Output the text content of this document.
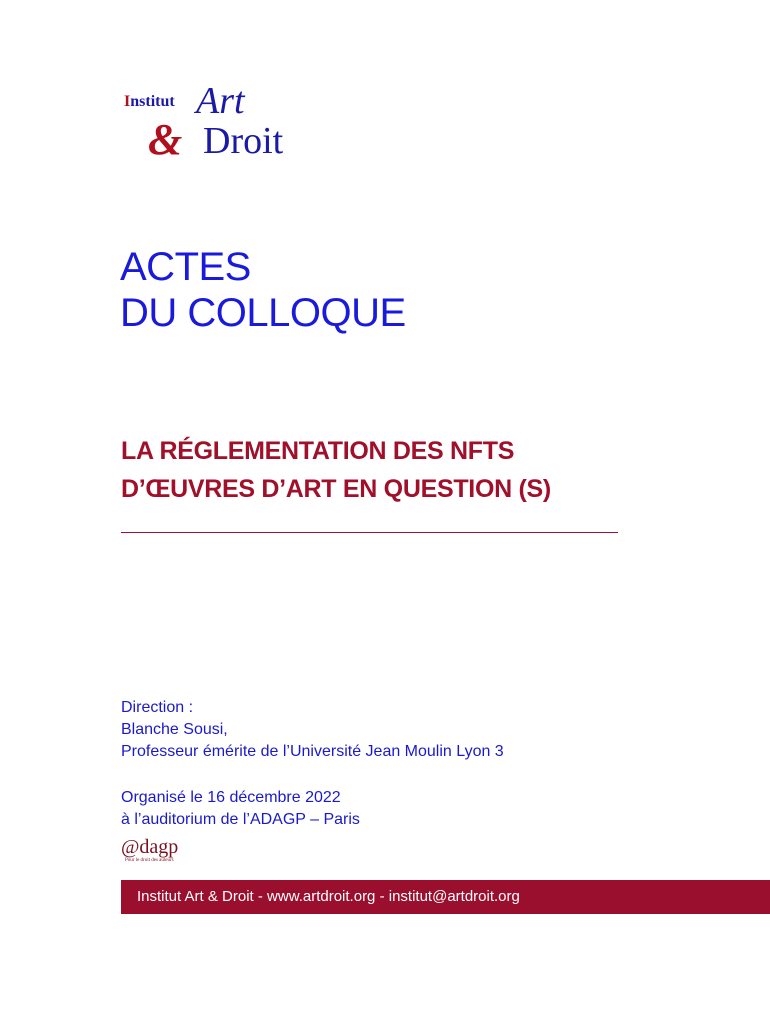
Institut Art
& Droit
ACTES
DU COLLOQUE
LA RÉGLEMENTATION DES NFTS
D’ŒUVRES D’ART EN QUESTION (S)
Direction :
Blanche Sousi,
Professeur émérite de l’Université Jean Moulin Lyon 3
Organisé le 16 décembre 2022
à l’auditorium de l’ADAGP – Paris
@dagp
Pour le droit des auteurs
Institut Art & Droit - www.artdroit.org - institut@artdroit.org
